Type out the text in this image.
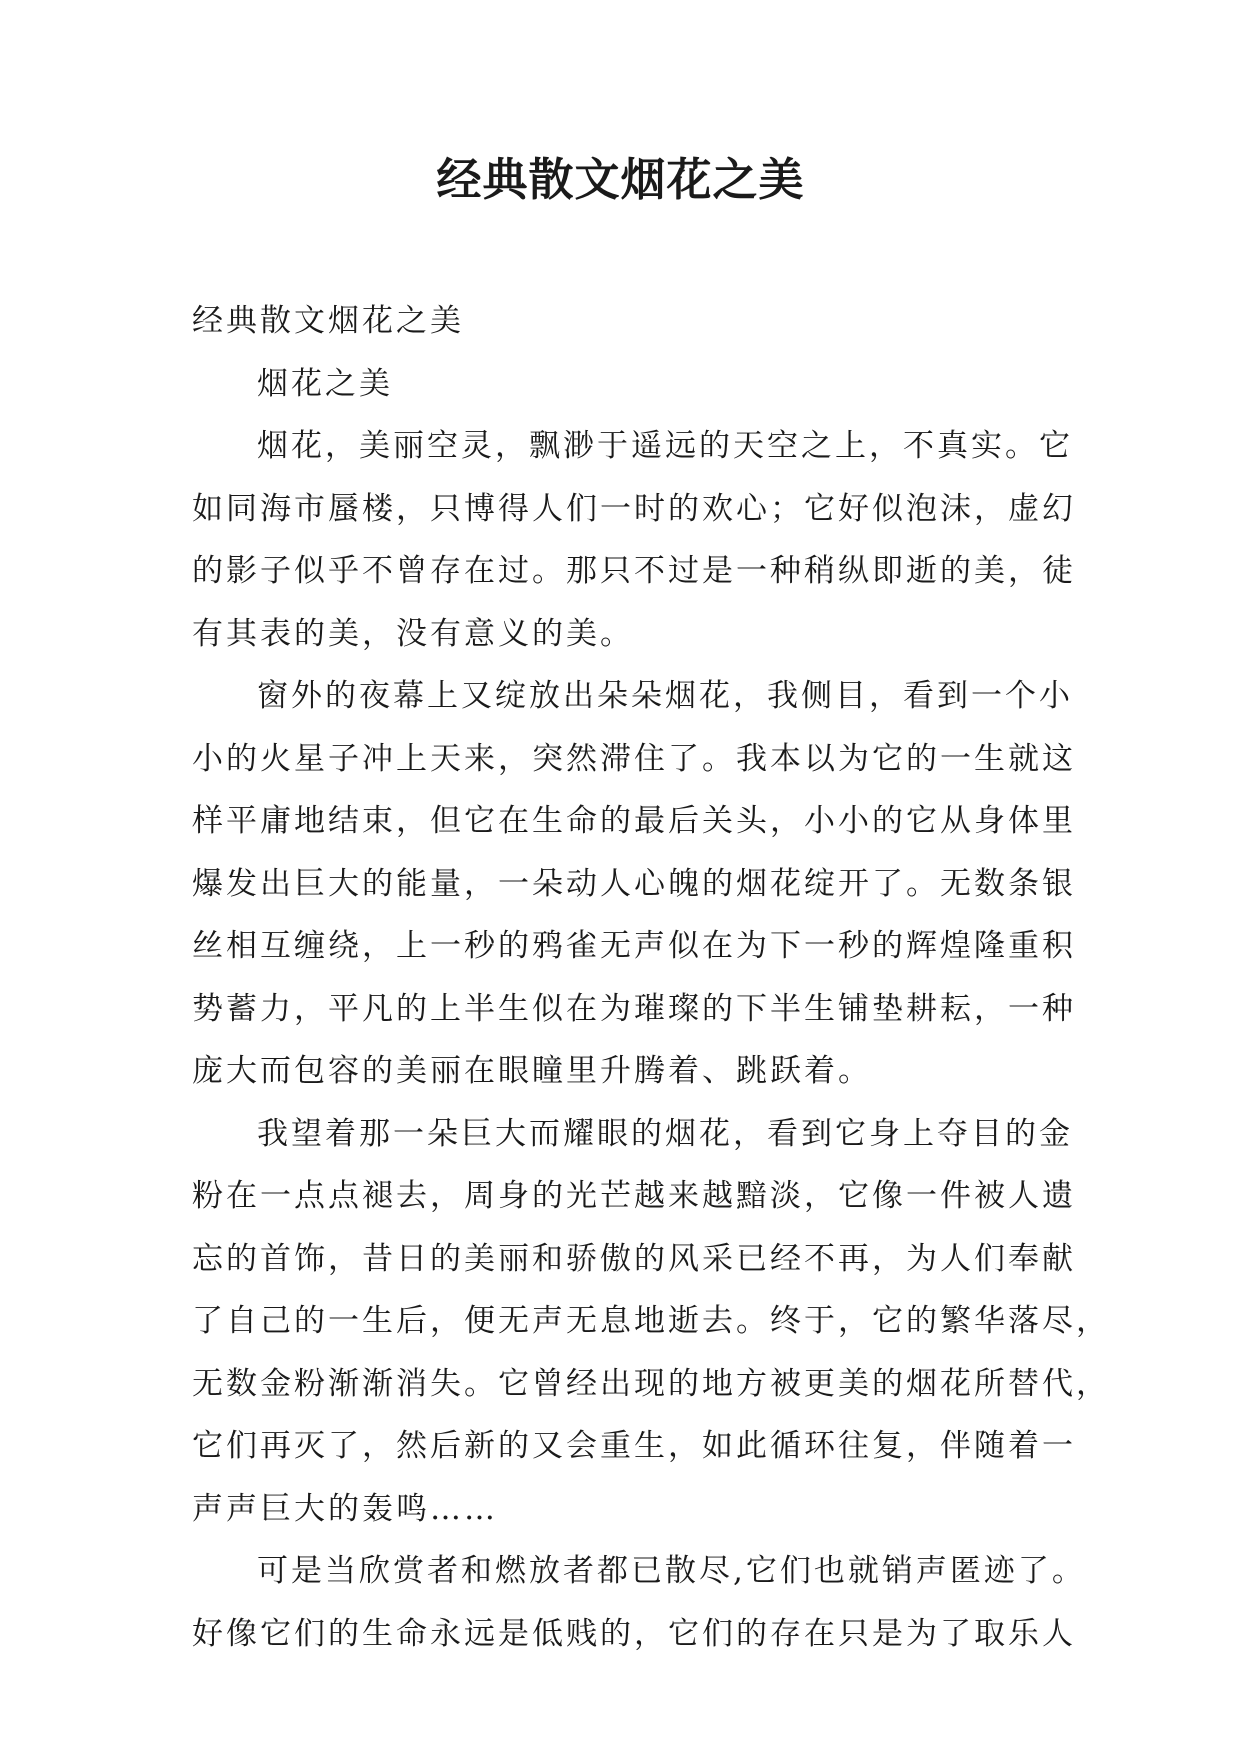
经典散文烟花之美
经典散文烟花之美
烟花之美
烟花，美丽空灵，飘渺于遥远的天空之上，不真实。它
如同海市蜃楼，只博得人们一时的欢心；它好似泡沫，虚幻
的影子似乎不曾存在过。那只不过是一种稍纵即逝的美，徒
有其表的美，没有意义的美。
窗外的夜幕上又绽放出朵朵烟花，我侧目，看到一个小
小的火星子冲上天来，突然滞住了。我本以为它的一生就这
样平庸地结束，但它在生命的最后关头，小小的它从身体里
爆发出巨大的能量，一朵动人心魄的烟花绽开了。无数条银
丝相互缠绕，上一秒的鸦雀无声似在为下一秒的辉煌隆重积
势蓄力，平凡的上半生似在为璀璨的下半生铺垫耕耘，一种
庞大而包容的美丽在眼瞳里升腾着、跳跃着。
我望着那一朵巨大而耀眼的烟花，看到它身上夺目的金
粉在一点点褪去，周身的光芒越来越黯淡，它像一件被人遗
忘的首饰，昔日的美丽和骄傲的风采已经不再，为人们奉献
了自己的一生后，便无声无息地逝去。终于，它的繁华落尽，
无数金粉渐渐消失。它曾经出现的地方被更美的烟花所替代，
它们再灭了，然后新的又会重生，如此循环往复，伴随着一
声声巨大的轰鸣……
可是当欣赏者和燃放者都已散尽,它们也就销声匿迹了。
好像它们的生命永远是低贱的，它们的存在只是为了取乐人
